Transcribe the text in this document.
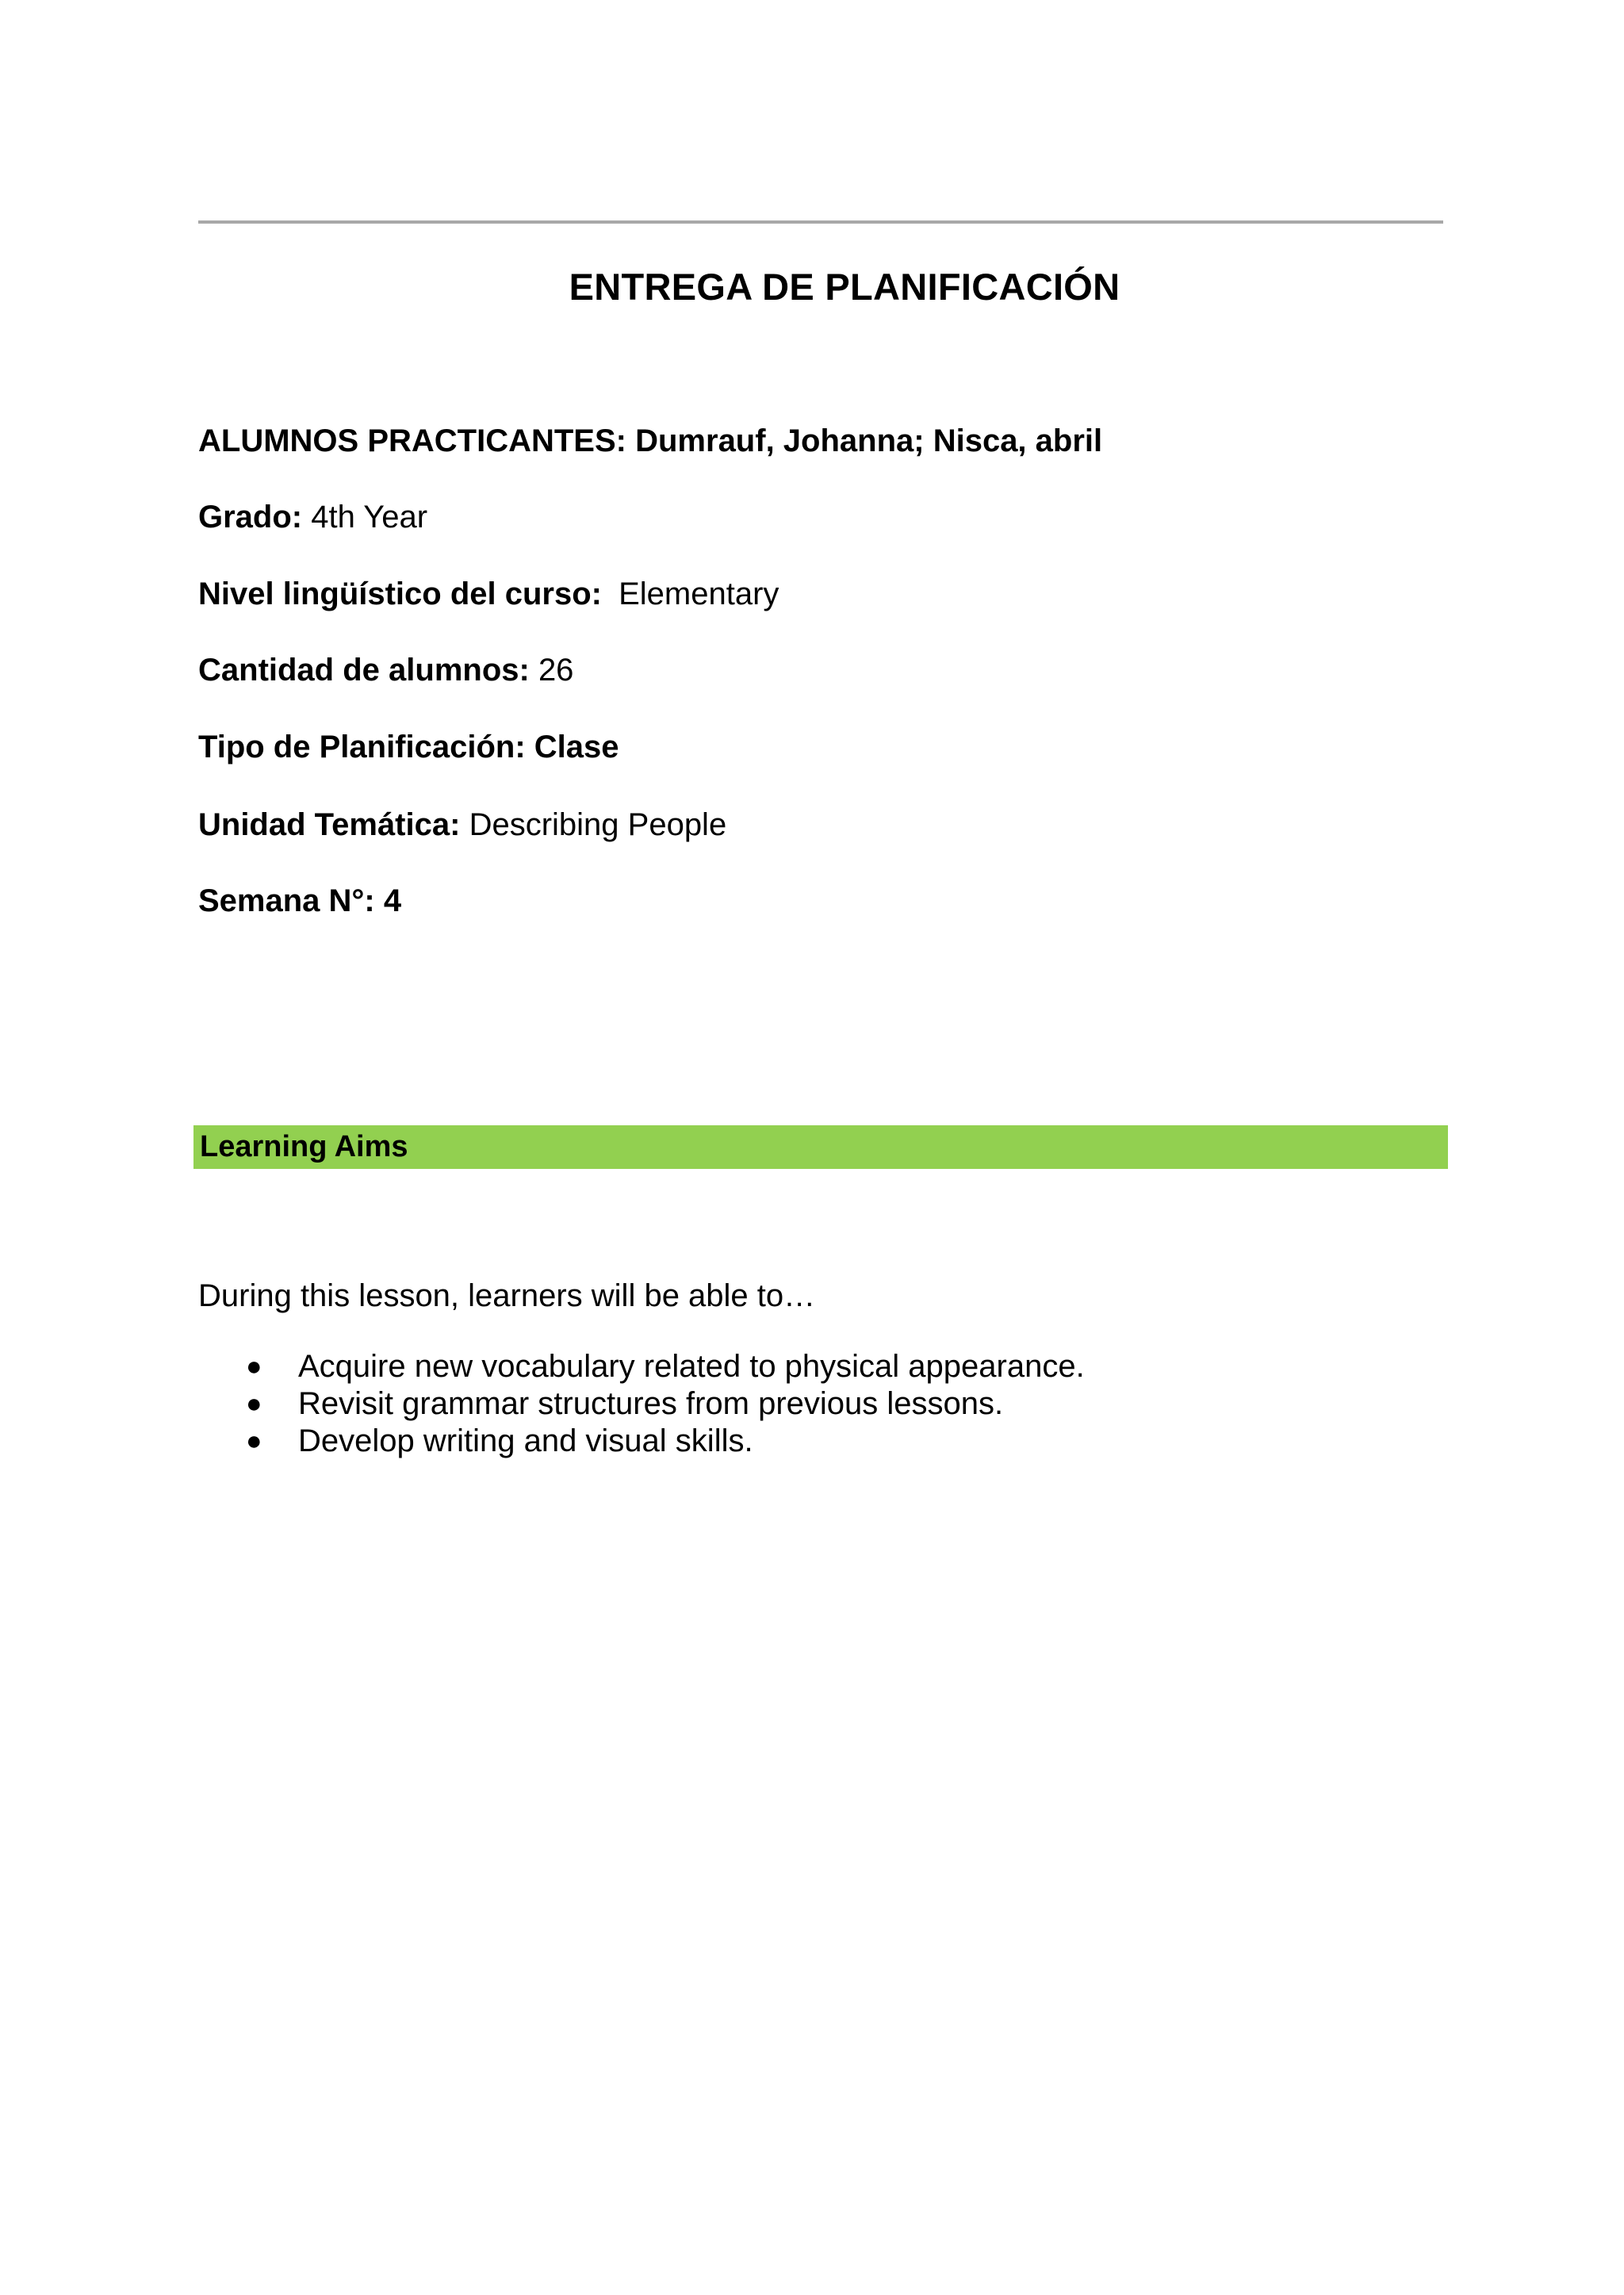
ENTREGA DE PLANIFICACIÓN
ALUMNOS PRACTICANTES: Dumrauf, Johanna; Nisca, abril
Grado: 4th Year
Nivel lingüístico del curso: Elementary
Cantidad de alumnos: 26
Tipo de Planificación: Clase
Unidad Temática: Describing People
Semana N°: 4
Learning Aims
During this lesson, learners will be able to…
● Acquire new vocabulary related to physical appearance.
● Revisit grammar structures from previous lessons.
● Develop writing and visual skills.
